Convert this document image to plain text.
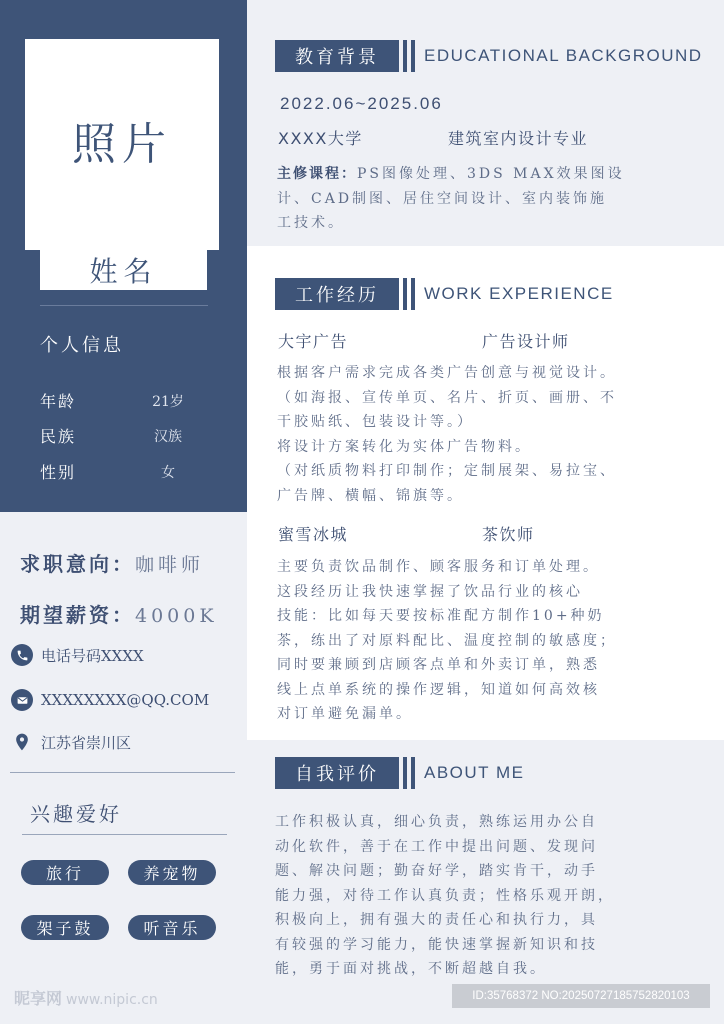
照片
姓名
个人信息
年龄	21岁
民族	汉族
性别	女
求职意向：咖啡师
期望薪资：4000K
电话号码XXXX
XXXXXXXX@QQ.COM
江苏省崇川区
兴趣爱好
旅行	养宠物
架子鼓	听音乐
教育背景	EDUCATIONAL BACKGROUND
2022.06~2025.06
XXXX大学	建筑室内设计专业
主修课程：PS图像处理、3DS MAX效果图设
计、CAD制图、居住空间设计、室内装饰施
工技术。
工作经历	WORK EXPERIENCE
大宇广告	广告设计师
根据客户需求完成各类广告创意与视觉设计。
（如海报、宣传单页、名片、折页、画册、不
干胶贴纸、包装设计等。）
将设计方案转化为实体广告物料。
（对纸质物料打印制作；定制展架、易拉宝、
广告牌、横幅、锦旗等。
蜜雪冰城	茶饮师
主要负责饮品制作、顾客服务和订单处理。
这段经历让我快速掌握了饮品行业的核心
技能：比如每天要按标准配方制作10+种奶
茶，练出了对原料配比、温度控制的敏感度；
同时要兼顾到店顾客点单和外卖订单，熟悉
线上点单系统的操作逻辑，知道如何高效核
对订单避免漏单。
自我评价	ABOUT ME
工作积极认真，细心负责，熟练运用办公自
动化软件，善于在工作中提出问题、发现问
题、解决问题；勤奋好学，踏实肯干，动手
能力强，对待工作认真负责；性格乐观开朗，
积极向上，拥有强大的责任心和执行力，具
有较强的学习能力，能快速掌握新知识和技
能，勇于面对挑战，不断超越自我。
昵享网 www.nipic.cn	ID:35768372 NO:20250727185752820103
